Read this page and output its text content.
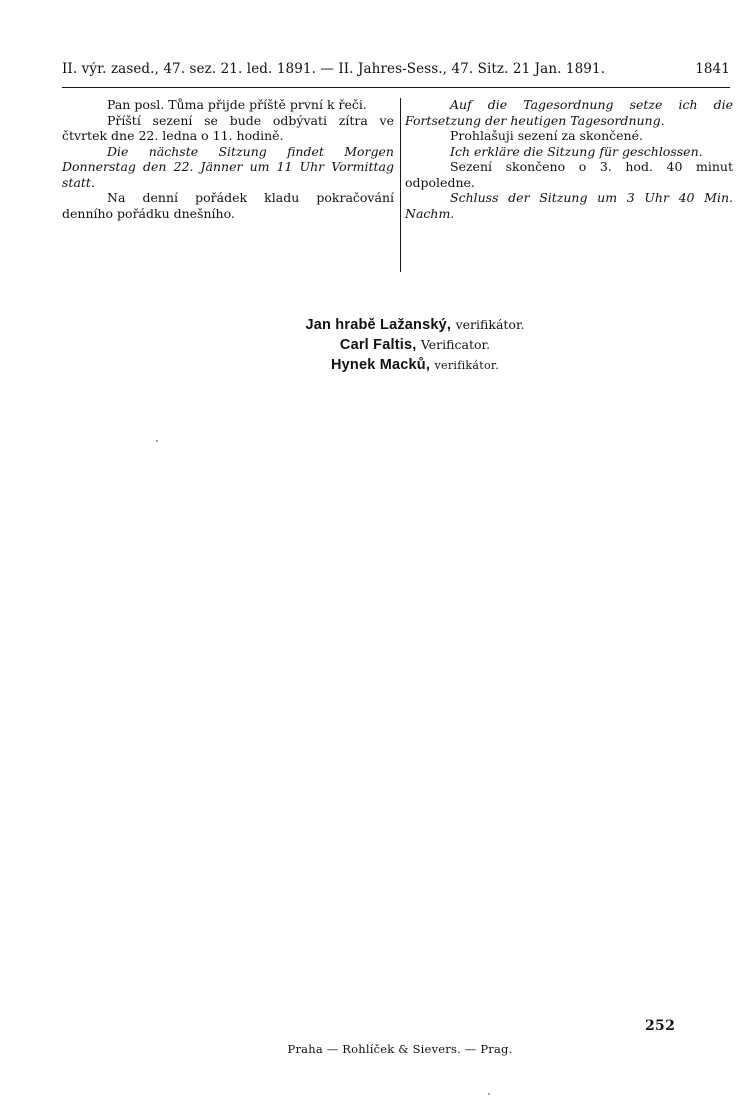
II. výr. zased., 47. sez. 21. led. 1891. — II. Jahres-Sess., 47. Sitz. 21 Jan. 1891.	1841

Pan posl. Tůma přijde příště první k řeči.

Příští sezení se bude odbývati zítra ve čtvrtek dne 22. ledna o 11. hodině.

Die nächste Sitzung findet Morgen Donnerstag den 22. Jänner um 11 Uhr Vormittag statt.

Na denní pořádek kladu pokračování denního pořádku dnešního.

Auf die Tagesordnung setze ich die Fortsetzung der heutigen Tagesordnung.

Prohlašuji sezení za skončené.

Ich erkläre die Sitzung für geschlossen.

Sezení skončeno o 3. hod. 40 minut odpoledne.

Schluss der Sitzung um 3 Uhr 40 Min. Nachm.

Jan hrabě Lažanský, verifikátor.
Carl Faltis, Verificator.
Hynek Macků, verifikátor.
252
Praha — Rohlíček & Sievers. — Prag.
